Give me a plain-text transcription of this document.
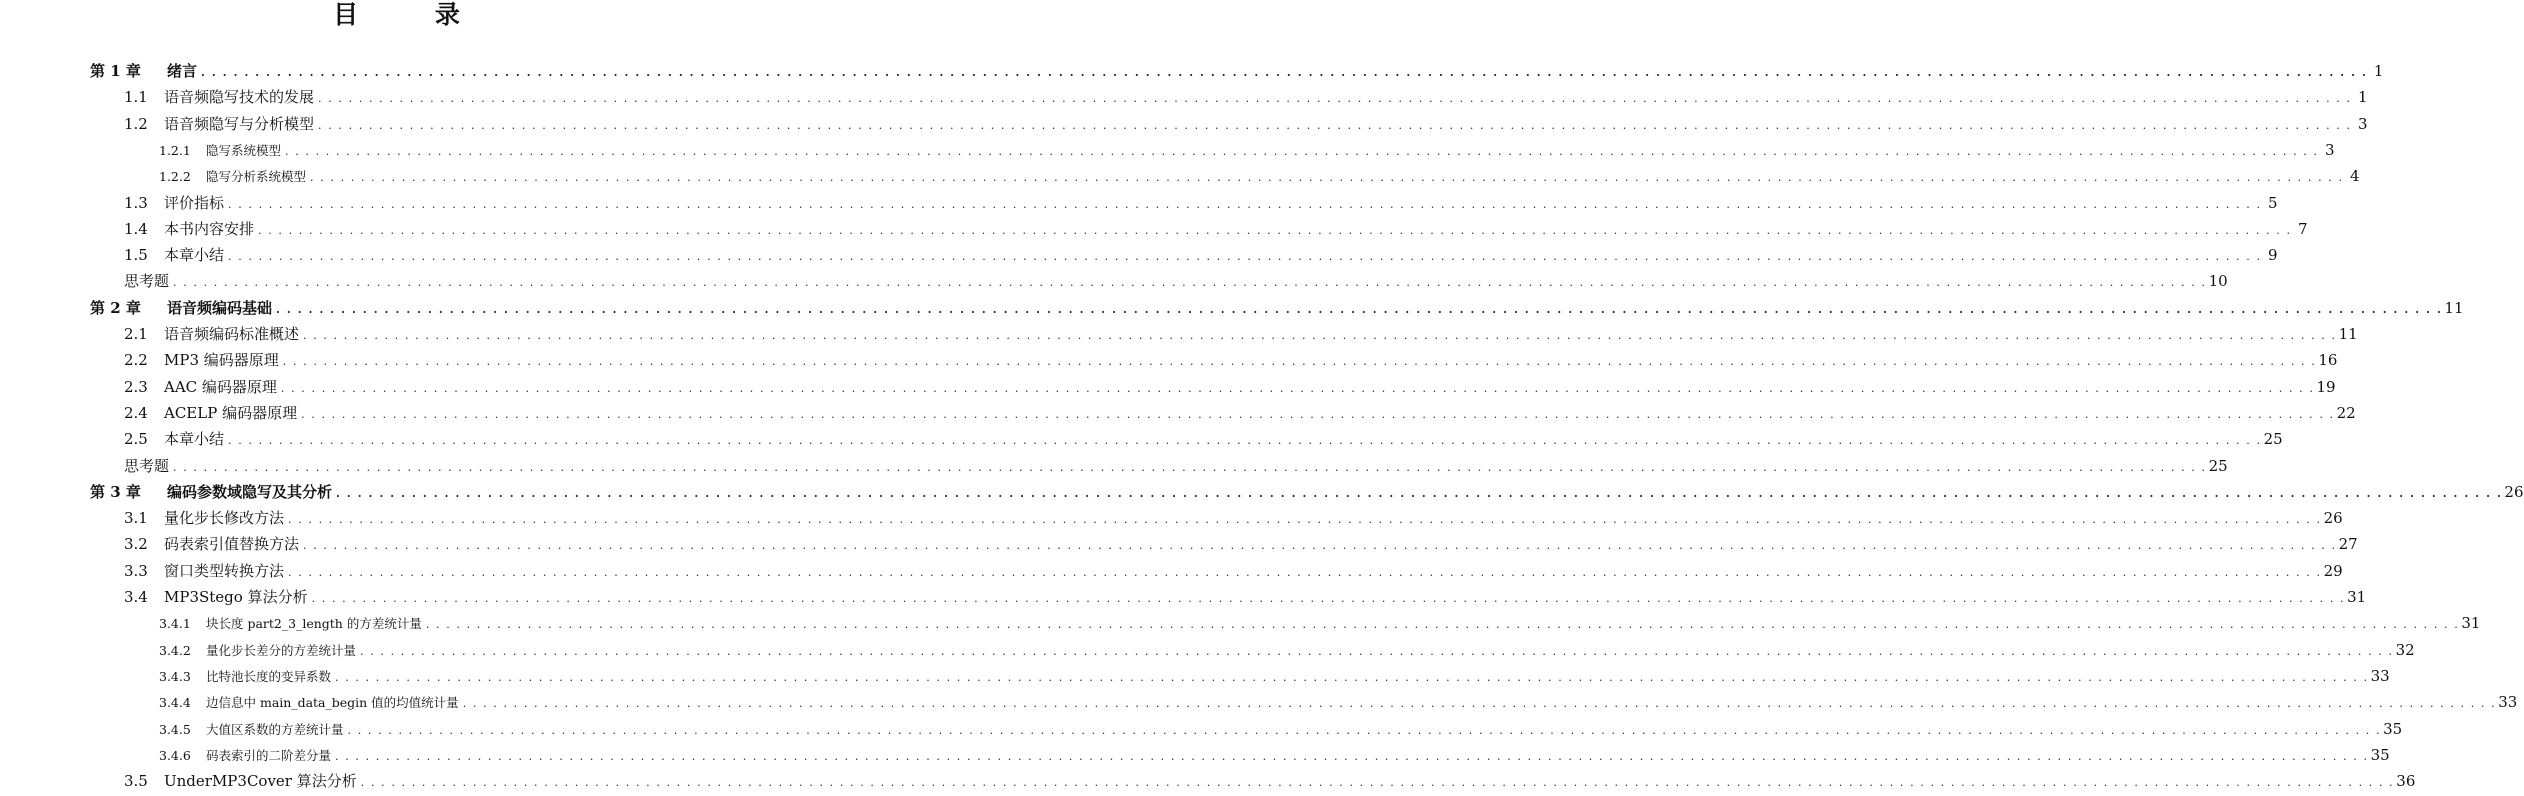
目 录
第 1 章	绪言 . . . . . . . . . . . . . . . . . . . . . . . . . . . . . . . . . . . . . . . . . . . . . . . . . . . . . . . . . . . . . . . . . . . . . . . . . . . . . . . . . . . . . . . . . . . . . . . . . . . . . . . . . . . . . . . . . . . . . . . . . . . . . . . . . . . . . . . . . . . . . . . . . . . . . . . . . . . . . . . . . . . . . . . . . . . . . . . . . . . . . . . . . . . . . . . . . . . . . . . . 1
1.1	语音频隐写技术的发展 . . . . . . . . . . . . . . . . . . . . . . . . . . . . . . . . . . . . . . . . . . . . . . . . . . . . . . . . . . . . . . . . . . . . . . . . . . . . . . . . . . . . . . . . . . . . . . . . . . . . . . . . . . . . . . . . . . . . . . . . . . . . . . . . . . . . . . . . . . . . . . . . . . . . . . . . . . . . . . . . . . . . . . . . . . . . . . . . . . . . . . . . . . . . . . . . . . . . . . . . 1
1.2	语音频隐写与分析模型 . . . . . . . . . . . . . . . . . . . . . . . . . . . . . . . . . . . . . . . . . . . . . . . . . . . . . . . . . . . . . . . . . . . . . . . . . . . . . . . . . . . . . . . . . . . . . . . . . . . . . . . . . . . . . . . . . . . . . . . . . . . . . . . . . . . . . . . . . . . . . . . . . . . . . . . . . . . . . . . . . . . . . . . . . . . . . . . . . . . . . . . . . . . . . . . . . . . . . . . . 3
1.2.1	隐写系统模型 . . . . . . . . . . . . . . . . . . . . . . . . . . . . . . . . . . . . . . . . . . . . . . . . . . . . . . . . . . . . . . . . . . . . . . . . . . . . . . . . . . . . . . . . . . . . . . . . . . . . . . . . . . . . . . . . . . . . . . . . . . . . . . . . . . . . . . . . . . . . . . . . . . . . . . . . . . . . . . . . . . . . . . . . . . . . . . . . . . . . . . . . . . . . . . . . . . . . . . . . 3
1.2.2	隐写分析系统模型 . . . . . . . . . . . . . . . . . . . . . . . . . . . . . . . . . . . . . . . . . . . . . . . . . . . . . . . . . . . . . . . . . . . . . . . . . . . . . . . . . . . . . . . . . . . . . . . . . . . . . . . . . . . . . . . . . . . . . . . . . . . . . . . . . . . . . . . . . . . . . . . . . . . . . . . . . . . . . . . . . . . . . . . . . . . . . . . . . . . . . . . . . . . . . . . . . . . . . . . . 4
1.3	评价指标 . . . . . . . . . . . . . . . . . . . . . . . . . . . . . . . . . . . . . . . . . . . . . . . . . . . . . . . . . . . . . . . . . . . . . . . . . . . . . . . . . . . . . . . . . . . . . . . . . . . . . . . . . . . . . . . . . . . . . . . . . . . . . . . . . . . . . . . . . . . . . . . . . . . . . . . . . . . . . . . . . . . . . . . . . . . . . . . . . . . . . . . . . . . . . . . . . . . . . . . . 5
1.4	本书内容安排 . . . . . . . . . . . . . . . . . . . . . . . . . . . . . . . . . . . . . . . . . . . . . . . . . . . . . . . . . . . . . . . . . . . . . . . . . . . . . . . . . . . . . . . . . . . . . . . . . . . . . . . . . . . . . . . . . . . . . . . . . . . . . . . . . . . . . . . . . . . . . . . . . . . . . . . . . . . . . . . . . . . . . . . . . . . . . . . . . . . . . . . . . . . . . . . . . . . . . . . . 7
1.5	本章小结 . . . . . . . . . . . . . . . . . . . . . . . . . . . . . . . . . . . . . . . . . . . . . . . . . . . . . . . . . . . . . . . . . . . . . . . . . . . . . . . . . . . . . . . . . . . . . . . . . . . . . . . . . . . . . . . . . . . . . . . . . . . . . . . . . . . . . . . . . . . . . . . . . . . . . . . . . . . . . . . . . . . . . . . . . . . . . . . . . . . . . . . . . . . . . . . . . . . . . . . . 9
思考题 . . . . . . . . . . . . . . . . . . . . . . . . . . . . . . . . . . . . . . . . . . . . . . . . . . . . . . . . . . . . . . . . . . . . . . . . . . . . . . . . . . . . . . . . . . . . . . . . . . . . . . . . . . . . . . . . . . . . . . . . . . . . . . . . . . . . . . . . . . . . . . . . . . . . . . . . . . . . . . . . . . . . . . . . . . . . . . . . . . . . . . . . . . . . . . . . . . . . . . . . 10
第 2 章	语音频编码基础 . . . . . . . . . . . . . . . . . . . . . . . . . . . . . . . . . . . . . . . . . . . . . . . . . . . . . . . . . . . . . . . . . . . . . . . . . . . . . . . . . . . . . . . . . . . . . . . . . . . . . . . . . . . . . . . . . . . . . . . . . . . . . . . . . . . . . . . . . . . . . . . . . . . . . . . . . . . . . . . . . . . . . . . . . . . . . . . . . . . . . . . . . . . . . . . . . . . . . . . . 11
2.1	语音频编码标准概述 . . . . . . . . . . . . . . . . . . . . . . . . . . . . . . . . . . . . . . . . . . . . . . . . . . . . . . . . . . . . . . . . . . . . . . . . . . . . . . . . . . . . . . . . . . . . . . . . . . . . . . . . . . . . . . . . . . . . . . . . . . . . . . . . . . . . . . . . . . . . . . . . . . . . . . . . . . . . . . . . . . . . . . . . . . . . . . . . . . . . . . . . . . . . . . . . . . . . . . . . 11
2.2	MP3 编码器原理 . . . . . . . . . . . . . . . . . . . . . . . . . . . . . . . . . . . . . . . . . . . . . . . . . . . . . . . . . . . . . . . . . . . . . . . . . . . . . . . . . . . . . . . . . . . . . . . . . . . . . . . . . . . . . . . . . . . . . . . . . . . . . . . . . . . . . . . . . . . . . . . . . . . . . . . . . . . . . . . . . . . . . . . . . . . . . . . . . . . . . . . . . . . . . . . . . . . . . . . . 16
2.3	AAC 编码器原理 . . . . . . . . . . . . . . . . . . . . . . . . . . . . . . . . . . . . . . . . . . . . . . . . . . . . . . . . . . . . . . . . . . . . . . . . . . . . . . . . . . . . . . . . . . . . . . . . . . . . . . . . . . . . . . . . . . . . . . . . . . . . . . . . . . . . . . . . . . . . . . . . . . . . . . . . . . . . . . . . . . . . . . . . . . . . . . . . . . . . . . . . . . . . . . . . . . . . . . . . 19
2.4	ACELP 编码器原理 . . . . . . . . . . . . . . . . . . . . . . . . . . . . . . . . . . . . . . . . . . . . . . . . . . . . . . . . . . . . . . . . . . . . . . . . . . . . . . . . . . . . . . . . . . . . . . . . . . . . . . . . . . . . . . . . . . . . . . . . . . . . . . . . . . . . . . . . . . . . . . . . . . . . . . . . . . . . . . . . . . . . . . . . . . . . . . . . . . . . . . . . . . . . . . . . . . . . . . . . 22
2.5	本章小结 . . . . . . . . . . . . . . . . . . . . . . . . . . . . . . . . . . . . . . . . . . . . . . . . . . . . . . . . . . . . . . . . . . . . . . . . . . . . . . . . . . . . . . . . . . . . . . . . . . . . . . . . . . . . . . . . . . . . . . . . . . . . . . . . . . . . . . . . . . . . . . . . . . . . . . . . . . . . . . . . . . . . . . . . . . . . . . . . . . . . . . . . . . . . . . . . . . . . . . . . 25
思考题 . . . . . . . . . . . . . . . . . . . . . . . . . . . . . . . . . . . . . . . . . . . . . . . . . . . . . . . . . . . . . . . . . . . . . . . . . . . . . . . . . . . . . . . . . . . . . . . . . . . . . . . . . . . . . . . . . . . . . . . . . . . . . . . . . . . . . . . . . . . . . . . . . . . . . . . . . . . . . . . . . . . . . . . . . . . . . . . . . . . . . . . . . . . . . . . . . . . . . . . . 25
第 3 章	编码参数域隐写及其分析 . . . . . . . . . . . . . . . . . . . . . . . . . . . . . . . . . . . . . . . . . . . . . . . . . . . . . . . . . . . . . . . . . . . . . . . . . . . . . . . . . . . . . . . . . . . . . . . . . . . . . . . . . . . . . . . . . . . . . . . . . . . . . . . . . . . . . . . . . . . . . . . . . . . . . . . . . . . . . . . . . . . . . . . . . . . . . . . . . . . . . . . . . . . . . . . . . . . . . . . . 26
3.1	量化步长修改方法 . . . . . . . . . . . . . . . . . . . . . . . . . . . . . . . . . . . . . . . . . . . . . . . . . . . . . . . . . . . . . . . . . . . . . . . . . . . . . . . . . . . . . . . . . . . . . . . . . . . . . . . . . . . . . . . . . . . . . . . . . . . . . . . . . . . . . . . . . . . . . . . . . . . . . . . . . . . . . . . . . . . . . . . . . . . . . . . . . . . . . . . . . . . . . . . . . . . . . . . . 26
3.2	码表索引值替换方法 . . . . . . . . . . . . . . . . . . . . . . . . . . . . . . . . . . . . . . . . . . . . . . . . . . . . . . . . . . . . . . . . . . . . . . . . . . . . . . . . . . . . . . . . . . . . . . . . . . . . . . . . . . . . . . . . . . . . . . . . . . . . . . . . . . . . . . . . . . . . . . . . . . . . . . . . . . . . . . . . . . . . . . . . . . . . . . . . . . . . . . . . . . . . . . . . . . . . . . . . 27
3.3	窗口类型转换方法 . . . . . . . . . . . . . . . . . . . . . . . . . . . . . . . . . . . . . . . . . . . . . . . . . . . . . . . . . . . . . . . . . . . . . . . . . . . . . . . . . . . . . . . . . . . . . . . . . . . . . . . . . . . . . . . . . . . . . . . . . . . . . . . . . . . . . . . . . . . . . . . . . . . . . . . . . . . . . . . . . . . . . . . . . . . . . . . . . . . . . . . . . . . . . . . . . . . . . . . . 29
3.4	MP3Stego 算法分析 . . . . . . . . . . . . . . . . . . . . . . . . . . . . . . . . . . . . . . . . . . . . . . . . . . . . . . . . . . . . . . . . . . . . . . . . . . . . . . . . . . . . . . . . . . . . . . . . . . . . . . . . . . . . . . . . . . . . . . . . . . . . . . . . . . . . . . . . . . . . . . . . . . . . . . . . . . . . . . . . . . . . . . . . . . . . . . . . . . . . . . . . . . . . . . . . . . . . . . . . 31
3.4.1	块长度 part2_3_length 的方差统计量 . . . . . . . . . . . . . . . . . . . . . . . . . . . . . . . . . . . . . . . . . . . . . . . . . . . . . . . . . . . . . . . . . . . . . . . . . . . . . . . . . . . . . . . . . . . . . . . . . . . . . . . . . . . . . . . . . . . . . . . . . . . . . . . . . . . . . . . . . . . . . . . . . . . . . . . . . . . . . . . . . . . . . . . . . . . . . . . . . . . . . . . . . . . . . . . . . . . . . . . . 31
3.4.2	量化步长差分的方差统计量 . . . . . . . . . . . . . . . . . . . . . . . . . . . . . . . . . . . . . . . . . . . . . . . . . . . . . . . . . . . . . . . . . . . . . . . . . . . . . . . . . . . . . . . . . . . . . . . . . . . . . . . . . . . . . . . . . . . . . . . . . . . . . . . . . . . . . . . . . . . . . . . . . . . . . . . . . . . . . . . . . . . . . . . . . . . . . . . . . . . . . . . . . . . . . . . . . . . . . . . . 32
3.4.3	比特池长度的变异系数 . . . . . . . . . . . . . . . . . . . . . . . . . . . . . . . . . . . . . . . . . . . . . . . . . . . . . . . . . . . . . . . . . . . . . . . . . . . . . . . . . . . . . . . . . . . . . . . . . . . . . . . . . . . . . . . . . . . . . . . . . . . . . . . . . . . . . . . . . . . . . . . . . . . . . . . . . . . . . . . . . . . . . . . . . . . . . . . . . . . . . . . . . . . . . . . . . . . . . . . . 33
3.4.4	边信息中 main_data_begin 值的均值统计量 . . . . . . . . . . . . . . . . . . . . . . . . . . . . . . . . . . . . . . . . . . . . . . . . . . . . . . . . . . . . . . . . . . . . . . . . . . . . . . . . . . . . . . . . . . . . . . . . . . . . . . . . . . . . . . . . . . . . . . . . . . . . . . . . . . . . . . . . . . . . . . . . . . . . . . . . . . . . . . . . . . . . . . . . . . . . . . . . . . . . . . . . . . . . . . . . . . . . . . . . 33
3.4.5	大值区系数的方差统计量 . . . . . . . . . . . . . . . . . . . . . . . . . . . . . . . . . . . . . . . . . . . . . . . . . . . . . . . . . . . . . . . . . . . . . . . . . . . . . . . . . . . . . . . . . . . . . . . . . . . . . . . . . . . . . . . . . . . . . . . . . . . . . . . . . . . . . . . . . . . . . . . . . . . . . . . . . . . . . . . . . . . . . . . . . . . . . . . . . . . . . . . . . . . . . . . . . . . . . . . . 35
3.4.6	码表索引的二阶差分量 . . . . . . . . . . . . . . . . . . . . . . . . . . . . . . . . . . . . . . . . . . . . . . . . . . . . . . . . . . . . . . . . . . . . . . . . . . . . . . . . . . . . . . . . . . . . . . . . . . . . . . . . . . . . . . . . . . . . . . . . . . . . . . . . . . . . . . . . . . . . . . . . . . . . . . . . . . . . . . . . . . . . . . . . . . . . . . . . . . . . . . . . . . . . . . . . . . . . . . . . 35
3.5	UnderMP3Cover 算法分析 . . . . . . . . . . . . . . . . . . . . . . . . . . . . . . . . . . . . . . . . . . . . . . . . . . . . . . . . . . . . . . . . . . . . . . . . . . . . . . . . . . . . . . . . . . . . . . . . . . . . . . . . . . . . . . . . . . . . . . . . . . . . . . . . . . . . . . . . . . . . . . . . . . . . . . . . . . . . . . . . . . . . . . . . . . . . . . . . . . . . . . . . . . . . . . . . . . . . . . . . 36
